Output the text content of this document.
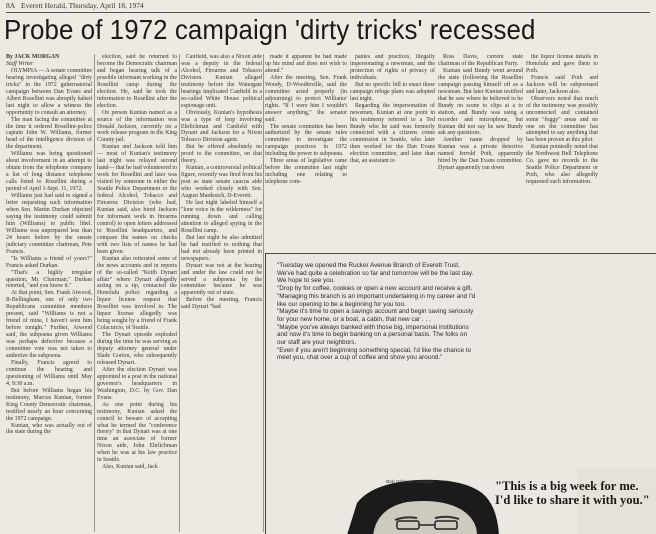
8A Everett Herald, Thursday, April 18, 1974
Probe of 1972 campaign 'dirty tricks' recessed

By JACK MORGAN

Staff Writer

OLYMPIA — A senate committee hearing investigating alleged "dirty tricks" in the 1972 gubernatorial campaign between Dan Evans and Albert Rosellini was abruptly halted last night to allow a witness the opportunity to consult an attorney.

The man facing the committee at the time it ordered Rosellini-police captain John W. Williams, former head of the intelligence division of the department.

Williams was being questioned about involvement in an attempt to obtain from the telephone company a list of long distance telephone calls listed to Rosellini during a period of April 1-Sept. 11, 1972.

Williams just had said to signed a letter requesting such information when Sen. Martin Durkan objected saying the testimony could submit him (Williams) to public libel. Williams was unprepared less than 24 hours before by the senate judiciary committee chairman, Pete Francis.

"Is Williams a friend of yours?" Francis asked Durkan.

"That's a highly irregular question, Mr. Chairman," Durkan retorted, "and you know it."

At that point, Sen. Frank Atwood, R-Bellingham, one of only two Republicans committee members present, said "Williams is not a friend of mine, I haven't seen him before tonight." Further, Atwood said, the subpoena given Williams was perhaps defective because a committee vote was not taken to authorize the subpoena.

Finally, Francis agreed to continue the hearing and questioning of Williams until May 4, 9:30 a.m.

But before Williams began his testimony, Marcus Kunian, former King County Democratic chairman, testified nearly an hour concerning the 1972 campaign.

Kunian, who was actually out of the state during the

election, said he returned to become the Democratic chairman and began hearing talk of a possible informant working in the Rosellini camp during the election. He, said he took the information to Rosellini after the election.

On person Kunian named as a source of the information was Donald Jackson, currently on a work release program in the King County jail.

Kunian and Jackson told him — most of Kunian's testimony last night was relayed second hand— that he had volunteered to work for Rosellini and later was visited by someone in either the Seattle Police Department or the federal Alcohol, Tobacco and Firearms Division (who had, Kunian said, also hired Jackson for informant work in firearms control) to open letters addressed to Rosellini headquarters, and compare the names on checks with two lists of names he had been given.

Kunian also reiterated some of the news accounts and in reports of the so-called "Keith Dynart affair" where Dynart allegedly acting on a tip, contacted the Honolulu police regarding a liquor license request that Rosellini was involved in. The liquor license allegedly was being sought by a friend of Frank Colacurcio, of Seattle.

The Dynart episode exploded during the time he was serving as deputy attorney general under Slade Gorton, who subsequently released Dynart.

After the election Dynart was appointed to a post in the national governor's headquarters in Washington, D.C. by Gov. Dan Evans.

As one point during his testimony, Kunian asked the council to beware of accepting what he termed the "conference theory" in that Dynart was at one time an associate of former Nixon aide, John Ehrlichman when he was at his law practice in Seattle.

Also, Kunian said, Jack

Canfield, was also a Nixon aide was a deputy in the federal Alcohol, Firearms and Tobacco Division. Kunian alleged testimony before the Watergate hearings implicated Canfield in a so-called White House political espionage unit.

Obviously, Kunian's hypothesis was a type of loop involving Ehrlichman and Canfield with Dynart and Jackson for a Nixon Tobacco Division agent.

But he offered absolutely no proof to the committee, on that theory.

Kunian, a controversial political figure, recently was fired from his post as state senate caucus aide who worked closely with Sen. August Mardesich, D-Everett.

He last night labeled himself a "lone voice in the wilderness" for running down and calling attention to alleged spying in the Rosellini camp.

But last night he also admitted he had testified to nothing that had not already been printed in newspapers.

Dynart was not at the hearing and under the law could not be served a subpoena by the committee because he was apparently out of state.

Before the meeting, Francis said Dynart "had

made it apparent he had made up his mind and does not wish to attend."

After the meeting, Sen. Frank Woody, D-Woodinville, said the committee acted properly (in adjourning) to protect Williams' rights. "If I were him I wouldn't answer anything," the senator said.

The senate committee has been authorized by the senate rules committee to investigate the campaign practices in 1972 including the power to subpoena.

Three areas of legislative came before the committee last night including one relating to telephone com-

panies and practices, illegally impersonating a newsman, and the protection of rights of privacy of individuals.

But no specific bill to enact these campaign refuge plans was adopted last night.

Regarding the impersonation of newsmen, Kunian at one point in his testimony referred to a Ted Bundy who he said was formerly connected with a citizens crime commission in Seattle, who later then worked for the Dan Evans election committee, and later than that, an assistant to

Ross Davis, current state chairman of the Republican Party.

Kunian said Bundy went around the state (following the Rosellini campaign passing himself off as a newsman. But later Kunian testified that he saw where he believed to be Bundy on scene to clips at a to station, and Bundy was using a recorder and microphone, but Kunian did not say he saw Bundy ask any questions.

Another name dropped by Kunian was a private detective named Jerrold Poth, apparently hired by the Dan Evans committee. Dynart apparently ran down

the liquor license details in Honolulu and gave them to Poth.

Francis said Poth and Jackson will be subpoenaed and later, Jackson also.

Observers noted that much of the testimony was possibly unconnected and contained some "foggy" areas and no one on the committee has attempted to say anything that has been proven at this pilot.

Kunian pointedly noted that the Northwest Bell Telephone Co. gave no records to the Seattle Police Department or Poth, who also allegedly requested such information.

"Tuesday we opened the Rucker Avenue Branch of Everett Trust. We've had quite a celebration so far and tomorrow will be the last day. We hope to see you.

"Drop by for coffee, cookies or open a new account and receive a gift.

"Managing this branch is an important undertaking in my career and I'd like our opening to be a beginning for you too.

"Maybe it's time to open a savings account and begin saving seriously for your new home, or a boat, a cabin, that new car . . .

"Maybe you've always banked with those big, impersonal institutions and now it's time to begin banking on a personal basis. The folks on our staff are your neighbors.

"Even if you aren't beginning something special, I'd like the chance to meet you, chat over a cup of coffee and show you around."

Bob Dickson, manager	"This is a big week for me. I'd like to share it with you."
